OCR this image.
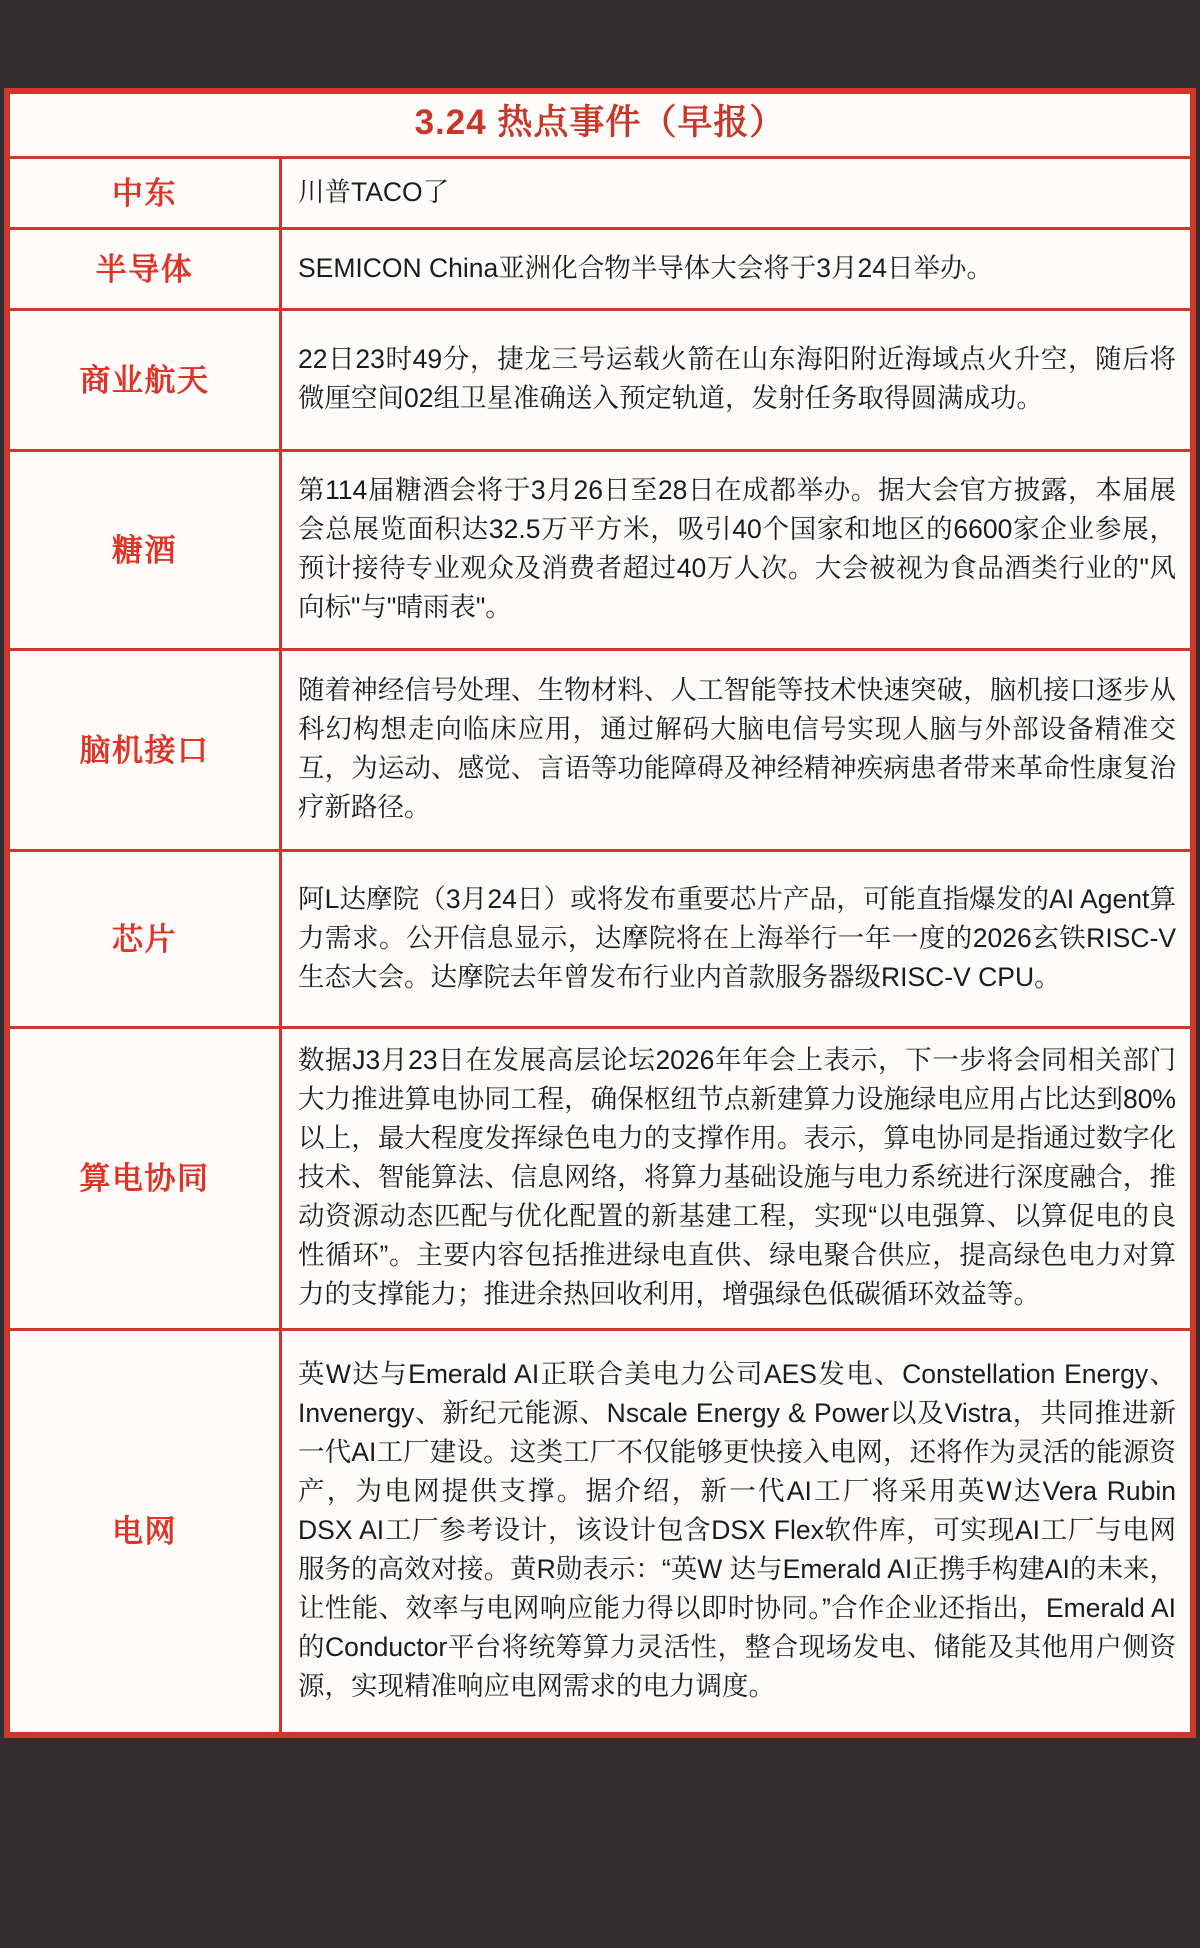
3.24 热点事件（早报）	

中东	川普TACO了

半导体	SEMICON China亚洲化合物半导体大会将于3月24日举办。

商业航天	22日23时49分，捷龙三号运载火箭在山东海阳附近海域点火升空，随后将微厘空间02组卫星准确送入预定轨道，发射任务取得圆满成功。

糖酒	第114届糖酒会将于3月26日至28日在成都举办。据大会官方披露，本届展会总展览面积达32.5万平方米，吸引40个国家和地区的6600家企业参展，预计接待专业观众及消费者超过40万人次。大会被视为食品酒类行业的"风向标"与"晴雨表"。

脑机接口	随着神经信号处理、生物材料、人工智能等技术快速突破，脑机接口逐步从科幻构想走向临床应用，通过解码大脑电信号实现人脑与外部设备精准交互，为运动、感觉、言语等功能障碍及神经精神疾病患者带来革命性康复治疗新路径。

芯片	阿L达摩院（3月24日）或将发布重要芯片产品，可能直指爆发的AI Agent算力需求。公开信息显示，达摩院将在上海举行一年一度的2026玄铁RISC-V生态大会。达摩院去年曾发布行业内首款服务器级RISC-V CPU。

算电协同	数据J3月23日在发展高层论坛2026年年会上表示，下一步将会同相关部门大力推进算电协同工程，确保枢纽节点新建算力设施绿电应用占比达到80%以上，最大程度发挥绿色电力的支撑作用。表示，算电协同是指通过数字化技术、智能算法、信息网络，将算力基础设施与电力系统进行深度融合，推动资源动态匹配与优化配置的新基建工程，实现“以电强算、以算促电的良性循环”。主要内容包括推进绿电直供、绿电聚合供应，提高绿色电力对算力的支撑能力；推进余热回收利用，增强绿色低碳循环效益等。

电网	英W达与Emerald AI正联合美电力公司AES发电、Constellation Energy、Invenergy、新纪元能源、Nscale Energy & Power以及Vistra，共同推进新一代AI工厂建设。这类工厂不仅能够更快接入电网，还将作为灵活的能源资产，为电网提供支撑。据介绍，新一代AI工厂将采用英W达Vera Rubin DSX AI工厂参考设计，该设计包含DSX Flex软件库，可实现AI工厂与电网服务的高效对接。黄R勋表示：“英W 达与Emerald AI正携手构建AI的未来，让性能、效率与电网响应能力得以即时协同。”合作企业还指出，Emerald AI的Conductor平台将统筹算力灵活性，整合现场发电、储能及其他用户侧资源，实现精准响应电网需求的电力调度。
